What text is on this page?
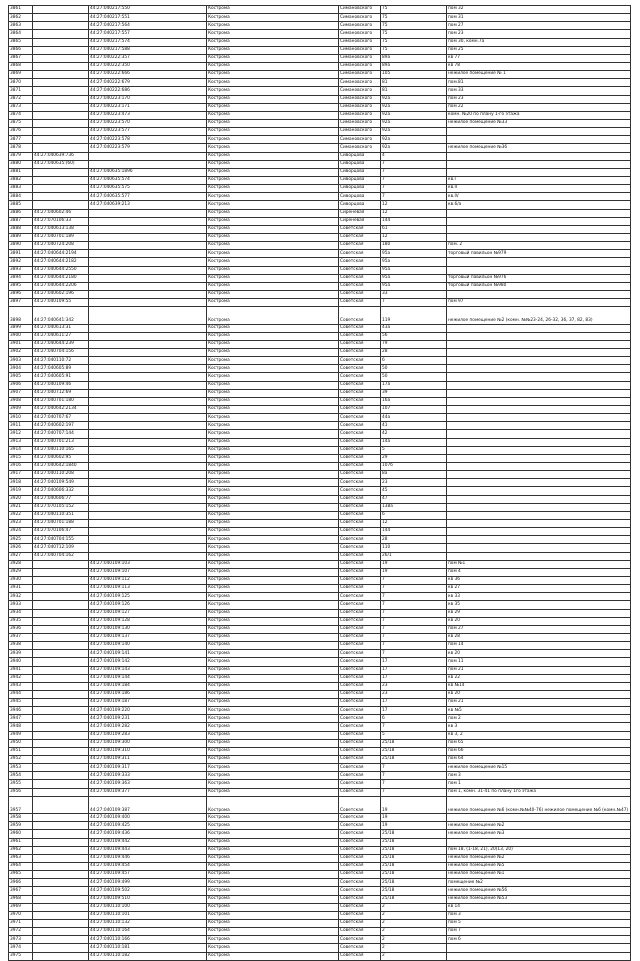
3861		44:27:040217:550	Кострома	Симановского	75	пом 32
3862		44:27:040217:551	Кострома	Симановского	75	пом 31
3863		44:27:040217:564	Кострома	Симановского	75	пом 27
3864		44:27:040217:557	Кострома	Симановского	75	пом 23
3865		44:27:040217:574	Кострома	Симановского	75	пом 30, комн.7а
3866		44:27:040217:588	Кострома	Симановского	75	пом 25
3867		44:27:040222:357	Кострома	Симановского	89а	кв 77
3868		44:27:040222:350	Кострома	Симановского	89а	кв 78
3869		44:27:040222:666	Кострома	Симановского	105	нежилое помещение № 1
3870		44:27:040222:679	Кострома	Симановского	81	пом.81
3871		44:27:040222:686	Кострома	Симановского	81	пом 33
3872		44:27:040223:170	Кострома	Симановского	92а	пом 23
3873		44:27:040223:171	Кострома	Симановского	92а	пом 22
3874		44:27:040223:473	Кострома	Симановского	92а	комн. №20 по плану 1-го этажа
3875		44:27:040223:570	Кострома	Симановского	92а	нежилое помещение №33
3876		44:27:040223:577	Кострома	Симановского	92а	
3877		44:27:040223:578	Кострома	Симановского	92а	
3878		44:27:040223:579	Кострома	Симановского	92а	нежилое помещение №36
3879	44:27:040639:736		Кострома	Сиворцова	4	
3880	44:27:040635:(60)		Кострома	Сиворцова	7	
3881		44:27:040635:1896	Кострома	Сиворцова	7	
3882		44:27:040635:574	Кострома	Сиворцова	7	кв.I
3883		44:27:040635:575	Кострома	Сиворцова	7	кв.II
3884		44:27:040635:577	Кострома	Сиворцова	7	кв.IV
3885		44:27:040639:213	Кострома	Сиворцова	12	кв.6/а
3886	44:27:040602:46		Кострома	Сиреневая	12	
3887	44:27:070106:33		Кострома	Сиреневая	144	
3888	44:27:040613:138		Кострома	Советская	61	
3889	44:27:040701:189		Кострома	Советская	12	
3890	44:27:040724:208		Кострома	Советская	180	пом. 2
3891	44:27:040644:2194		Кострома	Советская	95а	торговый павильон №979
3892	44:27:040644:2182		Кострома	Советская	95а	
3893	44:27:040644:2550		Кострома	Советская	95а	
3894	44:27:040644:2180		Кострома	Советская	95а	торговый павильон №976
3895	44:27:040644:2206		Кострома	Советская	95а	торговый павильон №980
3896	44:27:040602:196		Кострома	Советская	33	
3897	44:27:040109:55		Кострома	Советская	7	пом 97
3898	44:27:040641:342		Кострома	Советская	119	нежилое помещение №2 (комн. №№23-24, 26-32, 36, 37, 82, 83)
3899	44:27:040613:31		Кострома	Советская	43а	
3900	44:27:040611:27		Кострома	Советская	56	
3901	44:27:040644:239		Кострома	Советская	79	
3902	44:27:040704:156		Кострома	Советская	28	
3903	44:27:040110:72		Кострома	Советская	6	
3904	44:27:040605:89		Кострома	Советская	50	
3905	44:27:040605:91		Кострома	Советская	50	
3906	44:27:040109:46		Кострома	Советская	17а	
3907	44:27:040712:69		Кострома	Советская	39	
3908	44:27:040701:180		Кострома	Советская	16а	
3909	44:27:040642:2134		Кострома	Советская	107	
3910	44:27:040707:67		Кострома	Советская	44а	
3911	44:27:040602:197		Кострома	Советская	41	
3912	44:27:040707:144		Кострома	Советская	42	
3913	44:27:040701:213		Кострома	Советская	14а	
3914	44:27:040110:165		Кострома	Советская	5	
3915	44:27:040602:95		Кострома	Советская	29	
3916	44:27:040642:1840		Кострома	Советская	107б	
3917	44:27:040110:208		Кострома	Советская	8а	
3918	44:27:040109:549		Кострома	Советская	23	
3919	44:27:040606:332		Кострома	Советская	45	
3920	44:27:040606:77		Кострома	Советская	47	
3921	44:27:070105:152		Кострома	Советская	138а	
3922	44:27:040110:351		Кострома	Советская	6	
3923	44:27:040701:188		Кострома	Советская	12	
3924	44:27:070106:47		Кострома	Советская	144	
3925	44:27:040704:155		Кострома	Советская	28	
3926	44:27:040712:109		Кострома	Советская	110	
3927	44:27:040704:162		Кострома	Советская	26/1	
3928		44:27:040109:103	Кострома	Советская	19	пом №1
3929		44:27:040109:107	Кострома	Советская	19	пом 4
3930		44:27:040109:112	Кострома	Советская	7	кв 36
3931		44:27:040109:113	Кострома	Советская	7	кв 27
3932		44:27:040109:125	Кострома	Советская	7	кв 33
3933		44:27:040109:126	Кострома	Советская	7	кв 35
3934		44:27:040109:127	Кострома	Советская	7	кв 29
3935		44:27:040109:128	Кострома	Советская	7	кв 20
3936		44:27:040109:130	Кострома	Советская	7	пом 27
3937		44:27:040109:137	Кострома	Советская	7	кв 28
3938		44:27:040109:140	Кострома	Советская	7	пом 14
3939		44:27:040109:141	Кострома	Советская	7	кв 20
3940		44:27:040109:142	Кострома	Советская	17	пом 11
3941		44:27:040109:143	Кострома	Советская	17	пом 21
3942		44:27:040109:144	Кострома	Советская	17	кв 22
3943		44:27:040109:184	Кострома	Советская	23	кв №14
3944		44:27:040109:186	Кострома	Советская	23	кв 20
3945		44:27:040109:187	Кострома	Советская	17	пом 21
3946		44:27:040109:220	Кострома	Советская	17	кв №5
3947		44:27:040109:231	Кострома	Советская	6	пом 2
3948		44:27:040109:282	Кострома	Советская	7	кв 3
3949		44:27:040109:283	Кострома	Советская	5	кв 3, 2
3950		44:27:040109:300	Кострома	Советская	25/18	пом 65
3951		44:27:040109:310	Кострома	Советская	25/18	пом 66
3952		44:27:040109:311	Кострома	Советская	25/18	пом 64
3953		44:27:040109:317	Кострома	Советская	7	нежилое помещение №15
3954		44:27:040109:333	Кострома	Советская	7	пом 3
3955		44:27:040109:363	Кострома	Советская	7	пом 1
3956		44:27:040109:377	Кострома	Советская	7	пом 1, комн. 31-41 по плану 1го этажа
3957		44:27:040109:387	Кострома	Советская	19	нежилое помещение №6 (комн.№№40-76) нежилое помещение №6 (комн.№47)
3958		44:27:040109:400	Кострома	Советская	19	
3959		44:27:040109:425	Кострома	Советская	19	нежилое помещение №2
3960		44:27:040109:436	Кострома	Советская	25/18	нежилое помещение №3
3961		44:27:040109:442	Кострома	Советская	25/18	
3962		44:27:040109:443	Кострома	Советская	25/18	пом 18, (1-18, 21), 20(13, 20)
3963		44:27:040109:446	Кострома	Советская	25/18	нежилое помещение №2
3964		44:27:040109:454	Кострома	Советская	25/18	нежилое помещение №5
3965		44:27:040109:457	Кострома	Советская	25/18	нежилое помещение №1
3966		44:27:040109:499	Кострома	Советская	25/18	помещение №2
3967		44:27:040109:502	Кострома	Советская	25/18	нежилое помещение №56
3968		44:27:040109:510	Кострома	Советская	25/18	нежилое помещение №53
3969		44:27:040110:100	Кострома	Советская	2	кв 14
3970		44:27:040110:101	Кострома	Советская	2	пом 3
3971		44:27:040110:132	Кострома	Советская	2	пом 5
3972		44:27:040110:164	Кострома	Советская	2	пом 7
3973		44:27:040110:166	Кострома	Советская	2	пом 6
3974		44:27:040110:181	Кострома	Советская	2	
3975		44:27:040110:182	Кострома	Советская	2	
